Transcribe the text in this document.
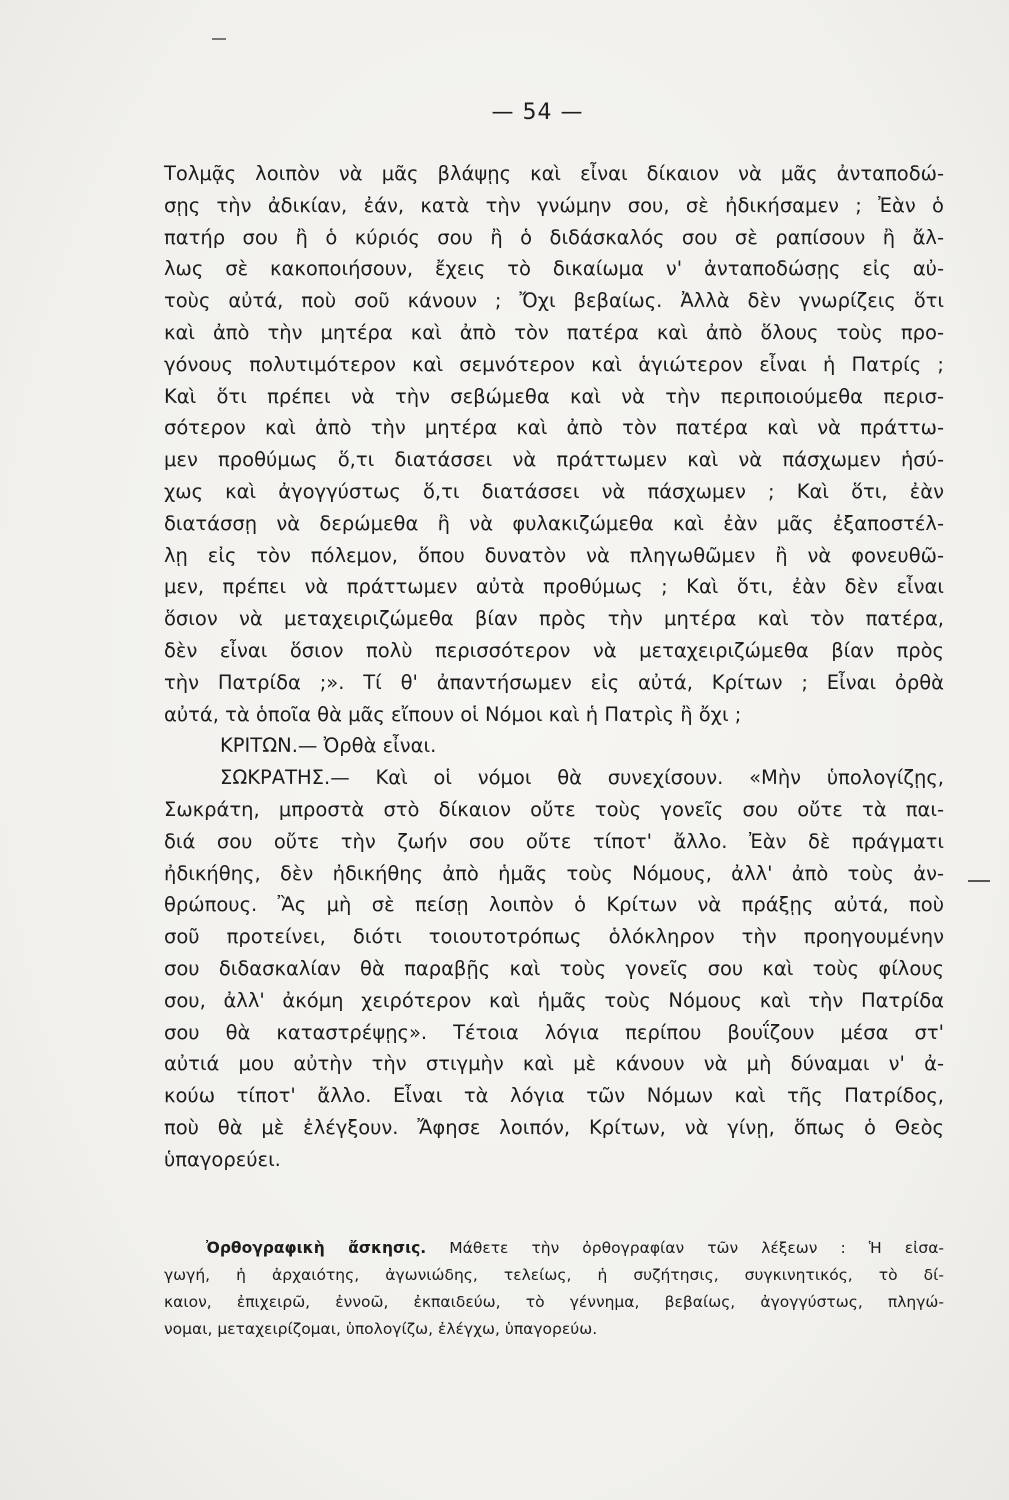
— 54 —
Τολμᾷς λοιπὸν νὰ μᾶς βλάψῃς καὶ εἶναι δίκαιον νὰ μᾶς ἀνταποδώ-
σῃς τὴν ἀδικίαν, ἐάν, κατὰ τὴν γνώμην σου, σὲ ἠδικήσαμεν ; Ἐὰν ὁ
πατήρ σου ἢ ὁ κύριός σου ἢ ὁ διδάσκαλός σου σὲ ραπίσουν ἢ ἄλ-
λως σὲ κακοποιήσουν, ἔχεις τὸ δικαίωμα ν' ἀνταποδώσῃς εἰς αὐ-
τοὺς αὐτά, ποὺ σοῦ κάνουν ; Ὄχι βεβαίως. Ἀλλὰ δὲν γνωρίζεις ὅτι
καὶ ἀπὸ τὴν μητέρα καὶ ἀπὸ τὸν πατέρα καὶ ἀπὸ ὅλους τοὺς προ-
γόνους πολυτιμότερον καὶ σεμνότερον καὶ ἁγιώτερον εἶναι ἡ Πατρίς ;
Καὶ ὅτι πρέπει νὰ τὴν σεβώμεθα καὶ νὰ τὴν περιποιούμεθα περισ-
σότερον καὶ ἀπὸ τὴν μητέρα καὶ ἀπὸ τὸν πατέρα καὶ νὰ πράττω-
μεν προθύμως ὅ,τι διατάσσει νὰ πράττωμεν καὶ νὰ πάσχωμεν ἡσύ-
χως καὶ ἀγογγύστως ὅ,τι διατάσσει νὰ πάσχωμεν ; Καὶ ὅτι, ἐὰν
διατάσσῃ νὰ δερώμεθα ἢ νὰ φυλακιζώμεθα καὶ ἐὰν μᾶς ἐξαποστέλ-
λῃ εἰς τὸν πόλεμον, ὅπου δυνατὸν νὰ πληγωθῶμεν ἢ νὰ φονευθῶ-
μεν, πρέπει νὰ πράττωμεν αὐτὰ προθύμως ; Καὶ ὅτι, ἐὰν δὲν εἶναι
ὅσιον νὰ μεταχειριζώμεθα βίαν πρὸς τὴν μητέρα καὶ τὸν πατέρα,
δὲν εἶναι ὅσιον πολὺ περισσότερον νὰ μεταχειριζώμεθα βίαν πρὸς
τὴν Πατρίδα ;». Τί θ' ἀπαντήσωμεν εἰς αὐτά, Κρίτων ; Εἶναι ὀρθὰ
αὐτά, τὰ ὁποῖα θὰ μᾶς εἴπουν οἱ Νόμοι καὶ ἡ Πατρὶς ἢ ὄχι ;
ΚΡΙΤΩΝ.— Ὀρθὰ εἶναι.
ΣΩΚΡΑΤΗΣ.— Καὶ οἱ νόμοι θὰ συνεχίσουν. «Μὴν ὑπολογίζῃς,
Σωκράτη, μπροστὰ στὸ δίκαιον οὔτε τοὺς γονεῖς σου οὔτε τὰ παι-
διά σου οὔτε τὴν ζωήν σου οὔτε τίποτ' ἄλλο. Ἐὰν δὲ πράγματι
ἠδικήθης, δὲν ἠδικήθης ἀπὸ ἡμᾶς τοὺς Νόμους, ἀλλ' ἀπὸ τοὺς ἀν-
θρώπους. Ἂς μὴ σὲ πείσῃ λοιπὸν ὁ Κρίτων νὰ πράξῃς αὐτά, ποὺ
σοῦ προτείνει, διότι τοιουτοτρόπως ὁλόκληρον τὴν προηγουμένην
σου διδασκαλίαν θὰ παραβῇς καὶ τοὺς γονεῖς σου καὶ τοὺς φίλους
σου, ἀλλ' ἀκόμη χειρότερον καὶ ἡμᾶς τοὺς Νόμους καὶ τὴν Πατρίδα
σου θὰ καταστρέψῃς». Τέτοια λόγια περίπου βουΐζουν μέσα στ'
αὐτιά μου αὐτὴν τὴν στιγμὴν καὶ μὲ κάνουν νὰ μὴ δύναμαι ν' ἀ-
κούω τίποτ' ἄλλο. Εἶναι τὰ λόγια τῶν Νόμων καὶ τῆς Πατρίδος,
ποὺ θὰ μὲ ἐλέγξουν. Ἄφησε λοιπόν, Κρίτων, νὰ γίνῃ, ὅπως ὁ Θεὸς
ὑπαγορεύει.
Ὀρθογραφικὴ ἄσκησις. Μάθετε τὴν ὀρθογραφίαν τῶν λέξεων : Ἡ εἰσα-
γωγή, ἡ ἀρχαιότης, ἀγωνιώδης, τελείως, ἡ συζήτησις, συγκινητικός, τὸ δί-
καιον, ἐπιχειρῶ, ἐννοῶ, ἐκπαιδεύω, τὸ γέννημα, βεβαίως, ἀγογγύστως, πληγώ-
νομαι, μεταχειρίζομαι, ὑπολογίζω, ἐλέγχω, ὑπαγορεύω.
